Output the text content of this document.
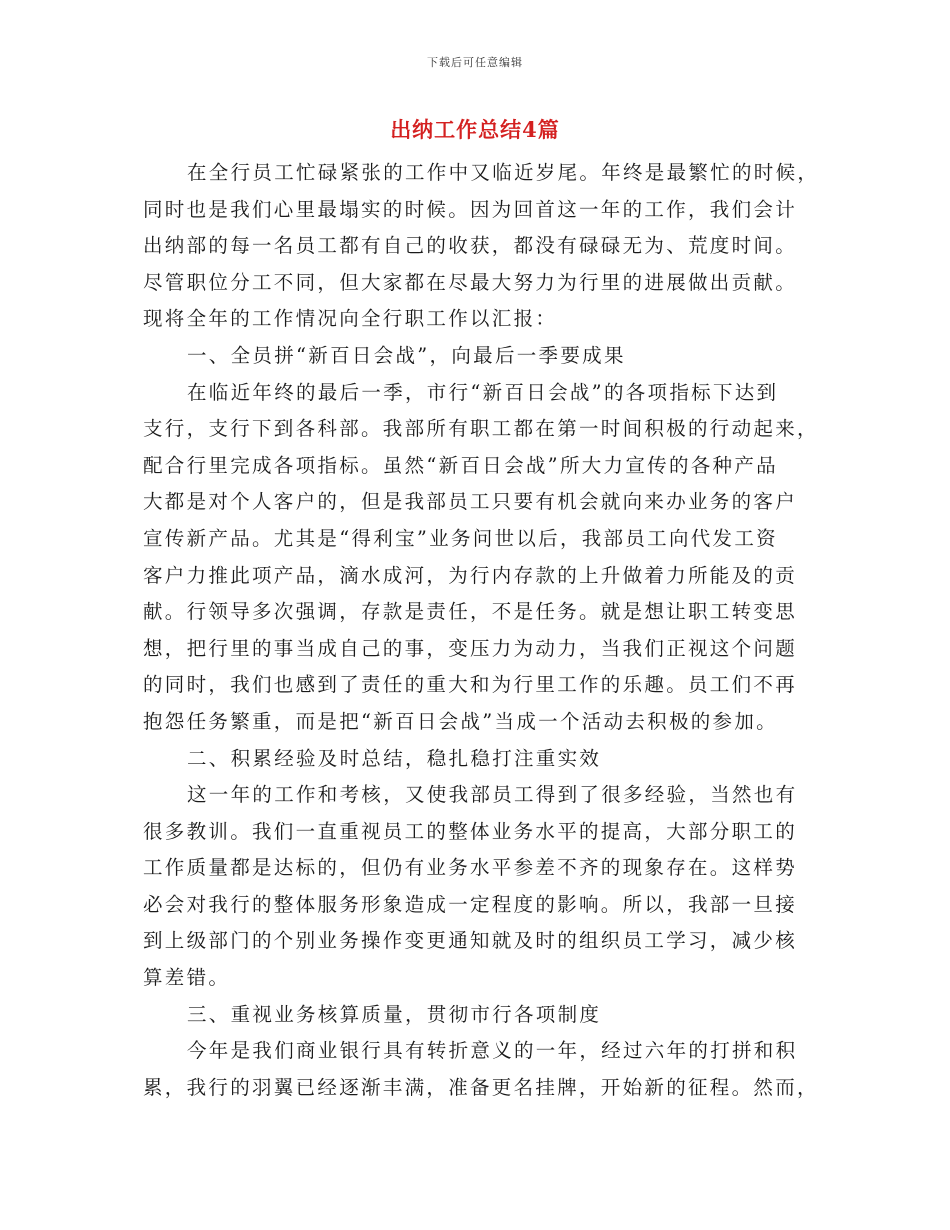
下载后可任意编辑
出纳工作总结4篇
在全行员工忙碌紧张的工作中又临近岁尾。年终是最繁忙的时候，
同时也是我们心里最塌实的时候。因为回首这一年的工作，我们会计
出纳部的每一名员工都有自己的收获，都没有碌碌无为、荒度时间。
尽管职位分工不同，但大家都在尽最大努力为行里的进展做出贡献。
现将全年的工作情况向全行职工作以汇报：
一、全员拼“新百日会战”，向最后一季要成果
在临近年终的最后一季，市行“新百日会战”的各项指标下达到
支行，支行下到各科部。我部所有职工都在第一时间积极的行动起来，
配合行里完成各项指标。虽然“新百日会战”所大力宣传的各种产品
大都是对个人客户的，但是我部员工只要有机会就向来办业务的客户
宣传新产品。尤其是“得利宝”业务问世以后，我部员工向代发工资
客户力推此项产品，滴水成河，为行内存款的上升做着力所能及的贡
献。行领导多次强调，存款是责任，不是任务。就是想让职工转变思
想，把行里的事当成自己的事，变压力为动力，当我们正视这个问题
的同时，我们也感到了责任的重大和为行里工作的乐趣。员工们不再
抱怨任务繁重，而是把“新百日会战”当成一个活动去积极的参加。
二、积累经验及时总结，稳扎稳打注重实效
这一年的工作和考核，又使我部员工得到了很多经验，当然也有
很多教训。我们一直重视员工的整体业务水平的提高，大部分职工的
工作质量都是达标的，但仍有业务水平参差不齐的现象存在。这样势
必会对我行的整体服务形象造成一定程度的影响。所以，我部一旦接
到上级部门的个别业务操作变更通知就及时的组织员工学习，减少核
算差错。
三、重视业务核算质量，贯彻市行各项制度
今年是我们商业银行具有转折意义的一年，经过六年的打拼和积
累，我行的羽翼已经逐渐丰满，准备更名挂牌，开始新的征程。然而，
